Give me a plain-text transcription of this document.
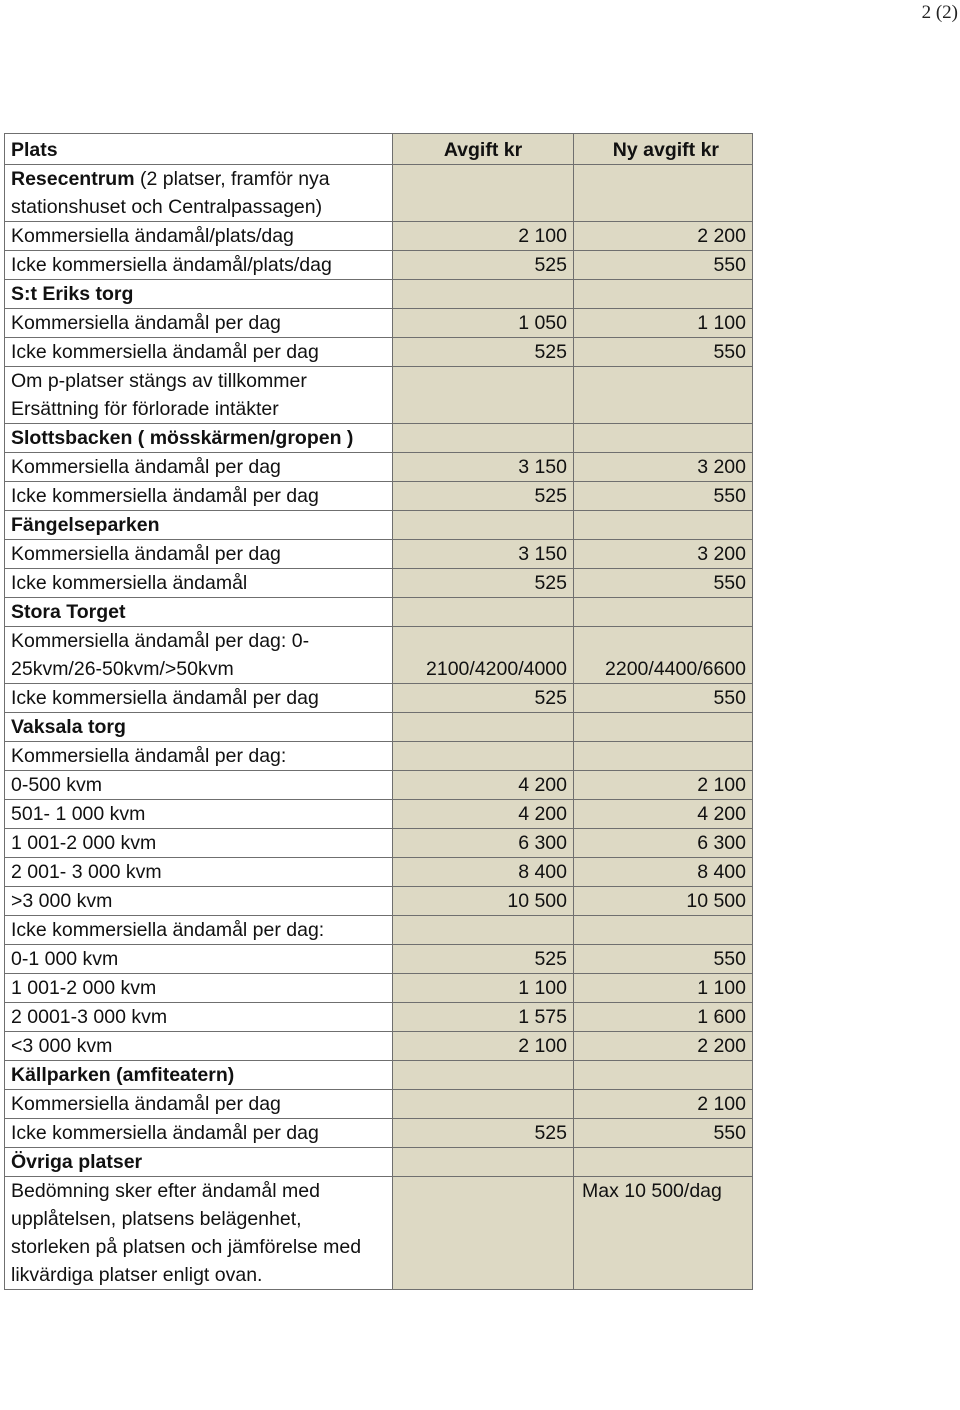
2 (2)
Plats	Avgift kr	Ny avgift kr
Resecentrum (2 platser, framför nya stationshuset och Centralpassagen)		
Kommersiella ändamål/plats/dag	2 100	2 200
Icke kommersiella ändamål/plats/dag	525	550
S:t Eriks torg		
Kommersiella ändamål per dag	1 050	1 100
Icke kommersiella ändamål per dag	525	550
Om p-platser stängs av tillkommer Ersättning för förlorade intäkter		
Slottsbacken ( mösskärmen/gropen )		
Kommersiella ändamål per dag	3 150	3 200
Icke kommersiella ändamål per dag	525	550
Fängelseparken		
Kommersiella ändamål per dag	3 150	3 200
Icke kommersiella ändamål	525	550
Stora Torget		
Kommersiella ändamål per dag: 0-25kvm/26-50kvm/>50kvm	2100/4200/4000	2200/4400/6600
Icke kommersiella ändamål per dag	525	550
Vaksala torg		
Kommersiella ändamål per dag:		
0-500 kvm	4 200	2 100
501- 1 000 kvm	4 200	4 200
1 001-2 000 kvm	6 300	6 300
2 001- 3 000 kvm	8 400	8 400
>3 000 kvm	10 500	10 500
Icke kommersiella ändamål per dag:		
0-1 000 kvm	525	550
1 001-2 000 kvm	1 100	1 100
2 0001-3 000 kvm	1 575	1 600
<3 000 kvm	2 100	2 200
Källparken (amfiteatern)		
Kommersiella ändamål per dag		2 100
Icke kommersiella ändamål per dag	525	550
Övriga platser		
Bedömning sker efter ändamål med upplåtelsen, platsens belägenhet, storleken på platsen och jämförelse med likvärdiga platser enligt ovan.		Max 10 500/dag
